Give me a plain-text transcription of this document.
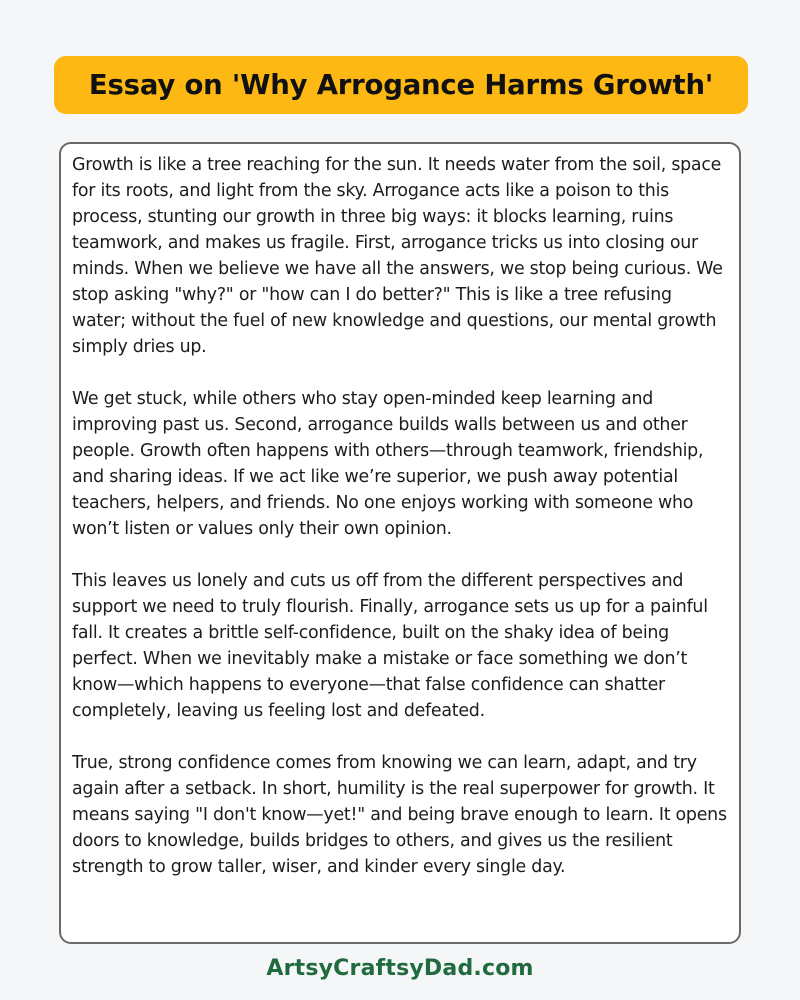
Essay on 'Why Arrogance Harms Growth'

Growth is like a tree reaching for the sun. It needs water from the soil, space for its roots, and light from the sky. Arrogance acts like a poison to this process, stunting our growth in three big ways: it blocks learning, ruins teamwork, and makes us fragile. First, arrogance tricks us into closing our minds. When we believe we have all the answers, we stop being curious. We stop asking "why?" or "how can I do better?" This is like a tree refusing water; without the fuel of new knowledge and questions, our mental growth simply dries up.

We get stuck, while others who stay open-minded keep learning and improving past us. Second, arrogance builds walls between us and other people. Growth often happens with others—through teamwork, friendship, and sharing ideas. If we act like we’re superior, we push away potential teachers, helpers, and friends. No one enjoys working with someone who won’t listen or values only their own opinion.

This leaves us lonely and cuts us off from the different perspectives and support we need to truly flourish. Finally, arrogance sets us up for a painful fall. It creates a brittle self-confidence, built on the shaky idea of being perfect. When we inevitably make a mistake or face something we don’t know—which happens to everyone—that false confidence can shatter completely, leaving us feeling lost and defeated.

True, strong confidence comes from knowing we can learn, adapt, and try again after a setback. In short, humility is the real superpower for growth. It means saying "I don't know—yet!" and being brave enough to learn. It opens doors to knowledge, builds bridges to others, and gives us the resilient strength to grow taller, wiser, and kinder every single day.

ArtsyCraftsyDad.com
